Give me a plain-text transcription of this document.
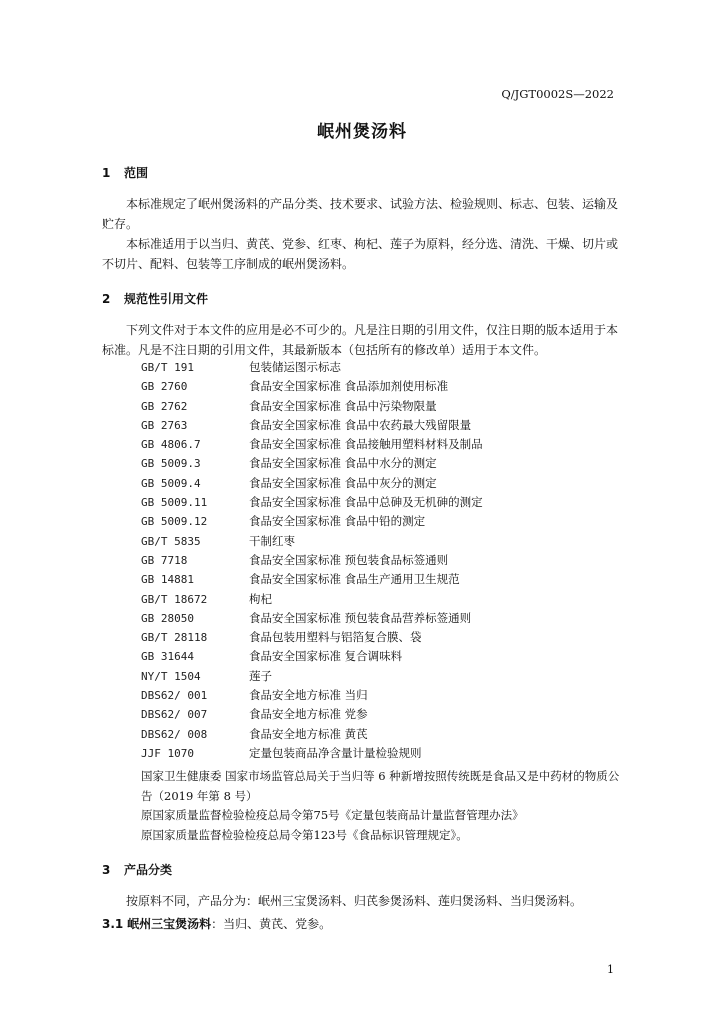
Q/JGT0002S—2022
岷州煲汤料
1 范围
本标准规定了岷州煲汤料的产品分类、技术要求、试验方法、检验规则、标志、包装、运输及贮存。
本标准适用于以当归、黄芪、党参、红枣、枸杞、莲子为原料，经分选、清洗、干燥、切片或不切片、配料、包装等工序制成的岷州煲汤料。
2 规范性引用文件
下列文件对于本文件的应用是必不可少的。凡是注日期的引用文件，仅注日期的版本适用于本标准。凡是不注日期的引用文件，其最新版本（包括所有的修改单）适用于本文件。
GB/T 191	包装储运图示标志
GB 2760	食品安全国家标准 食品添加剂使用标准
GB 2762	食品安全国家标准 食品中污染物限量
GB 2763	食品安全国家标准 食品中农药最大残留限量
GB 4806.7	食品安全国家标准 食品接触用塑料材料及制品
GB 5009.3	食品安全国家标准 食品中水分的测定
GB 5009.4	食品安全国家标准 食品中灰分的测定
GB 5009.11	食品安全国家标准 食品中总砷及无机砷的测定
GB 5009.12	食品安全国家标准 食品中铅的测定
GB/T 5835	干制红枣
GB 7718	食品安全国家标准 预包装食品标签通则
GB 14881	食品安全国家标准 食品生产通用卫生规范
GB/T 18672	枸杞
GB 28050	食品安全国家标准 预包装食品营养标签通则
GB/T 28118	食品包装用塑料与铝箔复合膜、袋
GB 31644	食品安全国家标准 复合调味料
NY/T 1504	莲子
DBS62/ 001	食品安全地方标准 当归
DBS62/ 007	食品安全地方标准 党参
DBS62/ 008	食品安全地方标准 黄芪
JJF 1070	定量包装商品净含量计量检验规则
国家卫生健康委 国家市场监管总局关于当归等 6 种新增按照传统既是食品又是中药材的物质公告（2019 年第 8 号）
原国家质量监督检验检疫总局令第75号《定量包装商品计量监督管理办法》
原国家质量监督检验检疫总局令第123号《食品标识管理规定》。
3 产品分类
按原料不同，产品分为：岷州三宝煲汤料、归芪参煲汤料、莲归煲汤料、当归煲汤料。
3.1 岷州三宝煲汤料：当归、黄芪、党参。
1
